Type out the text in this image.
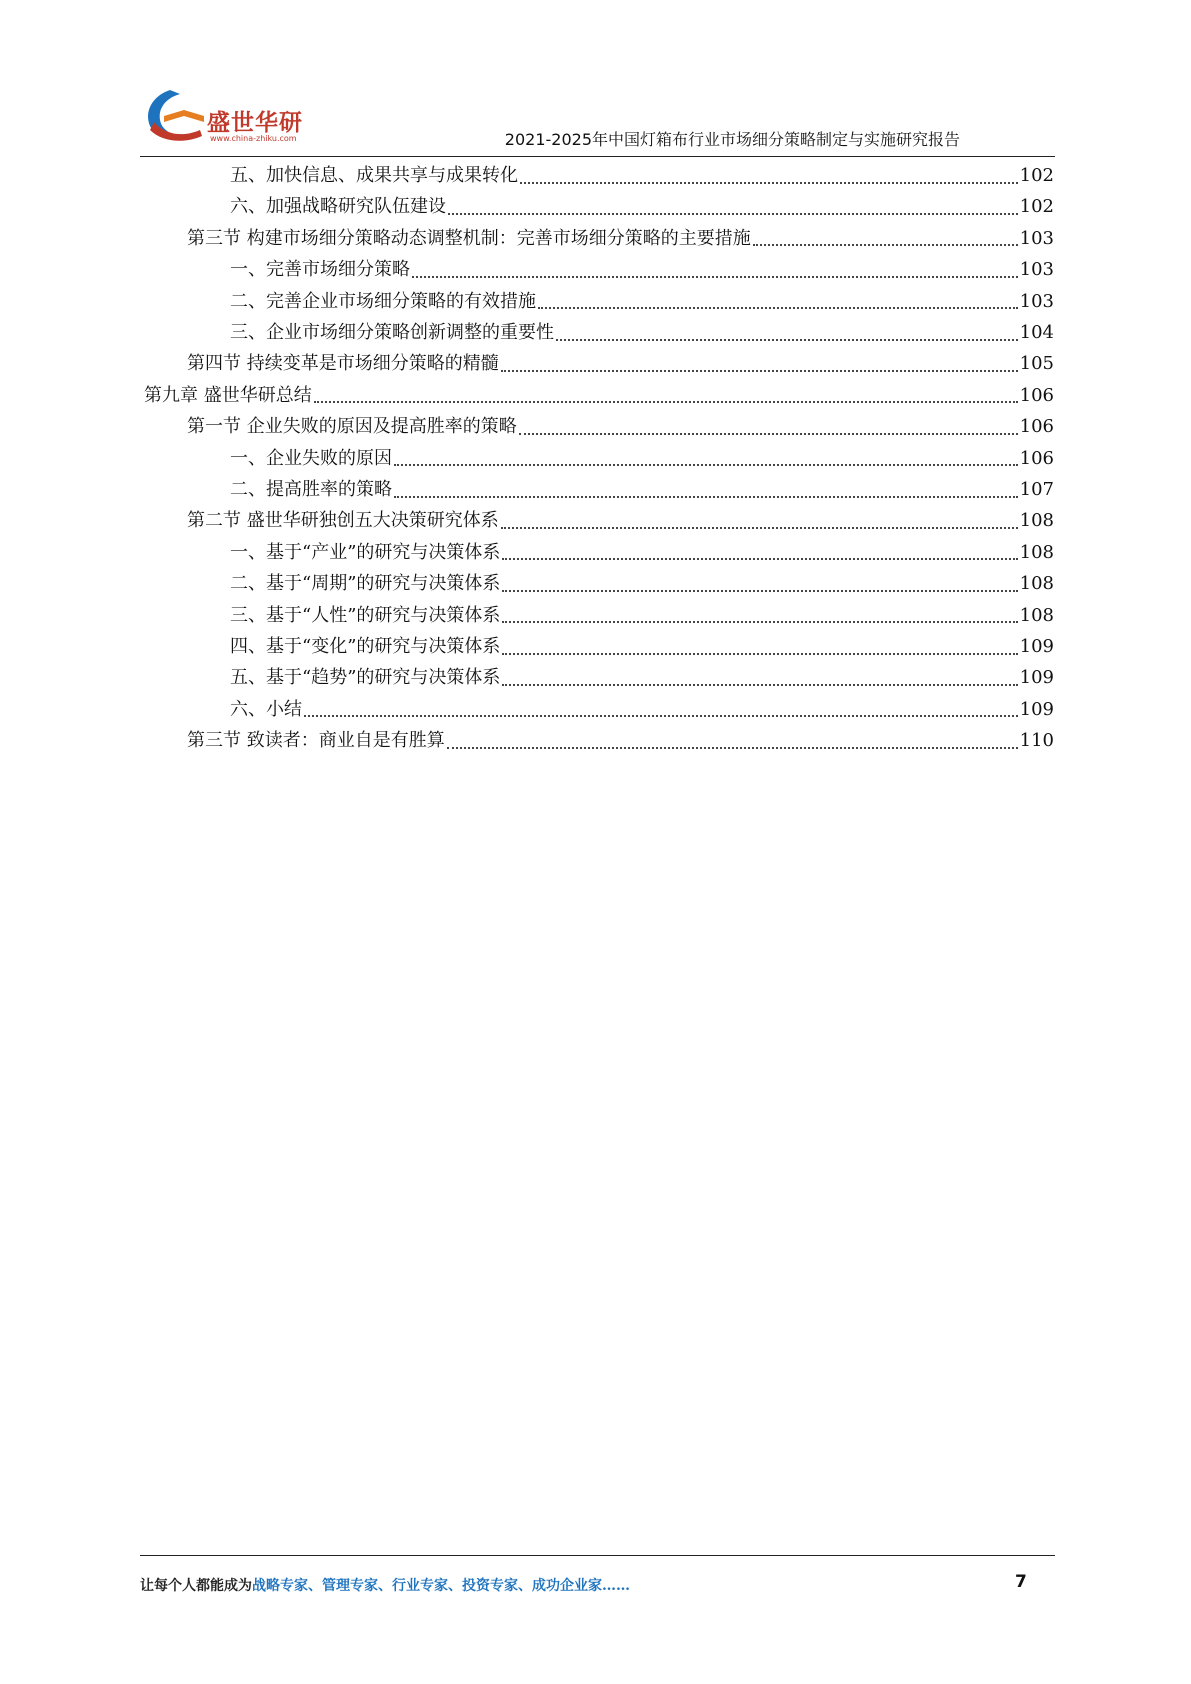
盛世华研
www.china-zhiku.com	2021-2025年中国灯箱布行业市场细分策略制定与实施研究报告
五、加快信息、成果共享与成果转化	102
六、加强战略研究队伍建设	102
第三节 构建市场细分策略动态调整机制：完善市场细分策略的主要措施	103
一、完善市场细分策略	103
二、完善企业市场细分策略的有效措施	103
三、企业市场细分策略创新调整的重要性	104
第四节 持续变革是市场细分策略的精髓	105
第九章 盛世华研总结	106
第一节 企业失败的原因及提高胜率的策略	106
一、企业失败的原因	106
二、提高胜率的策略	107
第二节 盛世华研独创五大决策研究体系	108
一、基于“产业”的研究与决策体系	108
二、基于“周期”的研究与决策体系	108
三、基于“人性”的研究与决策体系	108
四、基于“变化”的研究与决策体系	109
五、基于“趋势”的研究与决策体系	109
六、小结	109
第三节 致读者：商业自是有胜算	110
让每个人都能成为战略专家、管理专家、行业专家、投资专家、成功企业家……	7
